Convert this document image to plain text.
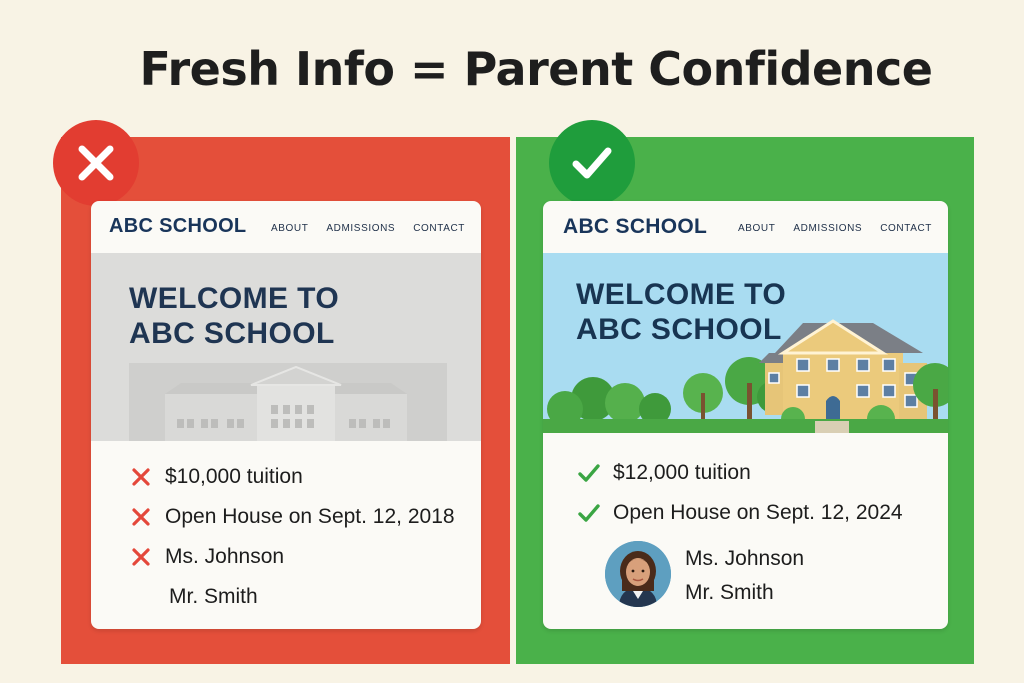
Fresh Info = Parent Confidence
ABC SCHOOL ABOUT ADMISSIONS CONTACT
WELCOME TO
ABC SCHOOL
$10,000 tuition
Open House on Sept. 12, 2018
Ms. Johnson
Mr. Smith
ABC SCHOOL	ABOUT ADMISSIONS CONTACT
WELCOME TO
ABC SCHOOL
$12,000 tuition
Open House on Sept. 12, 2024
Ms. Johnson
Mr. Smith
